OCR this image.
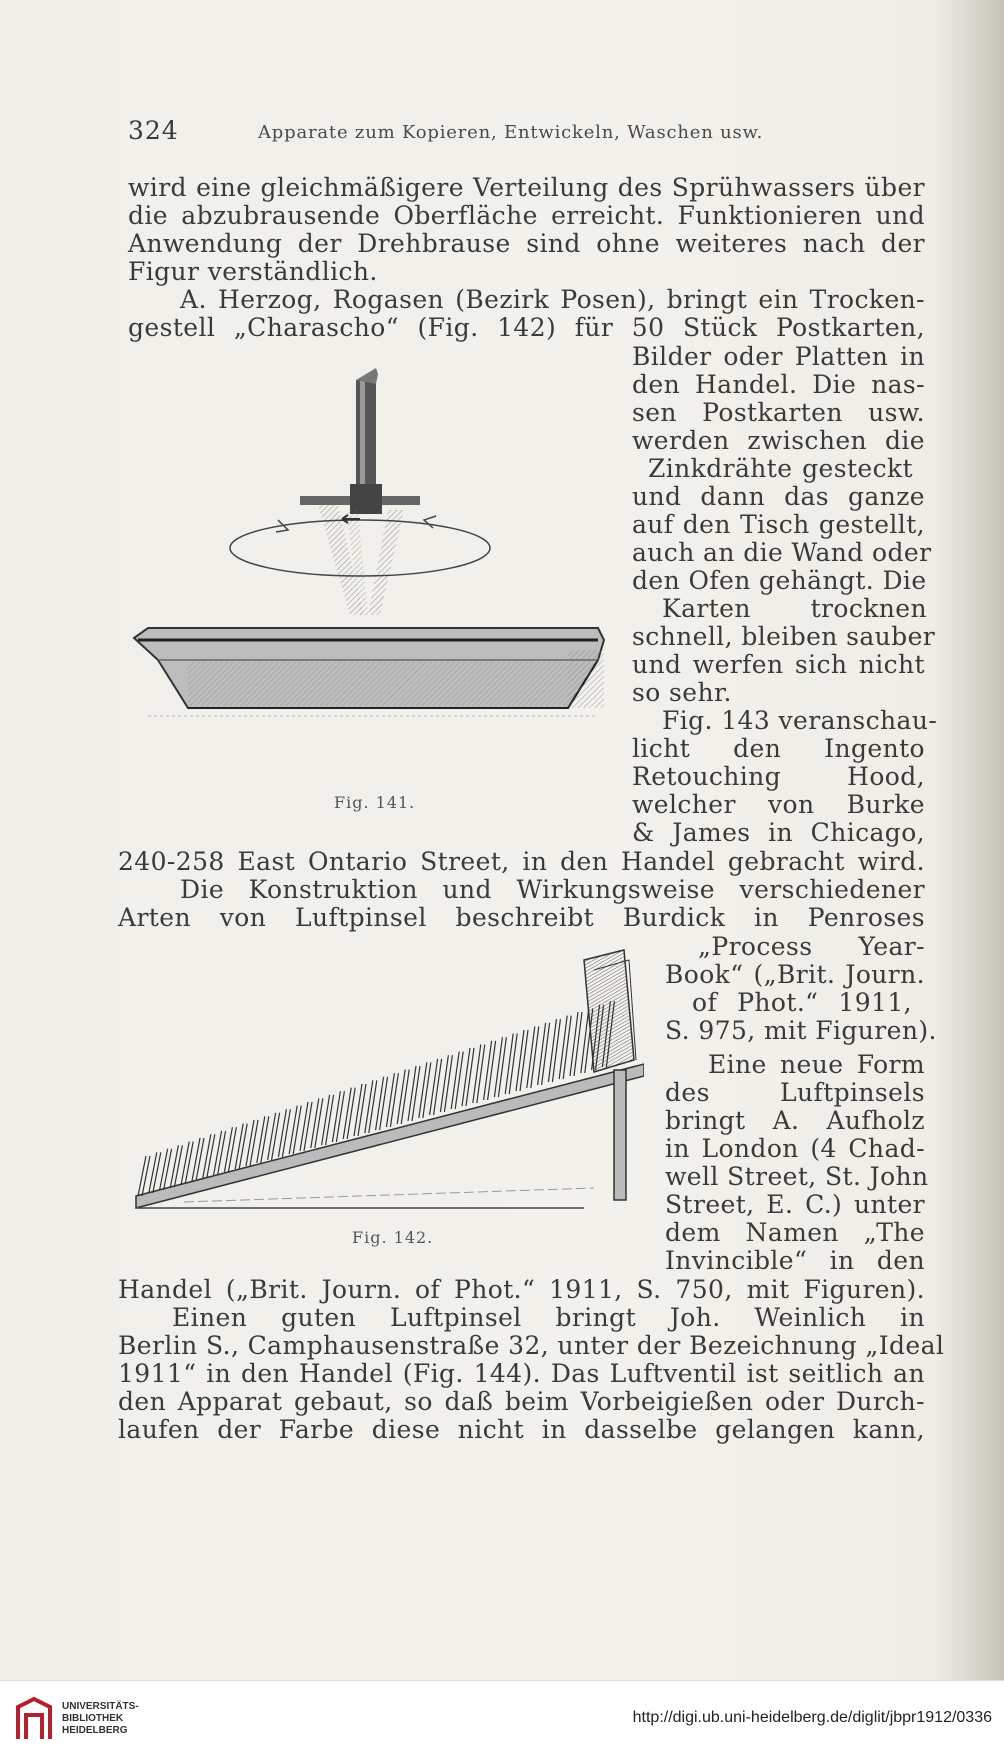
324	Apparate zum Kopieren, Entwickeln, Waschen usw.
wird eine gleichmäßigere Verteilung des Sprühwassers über
die abzubrausende Oberfläche erreicht. Funktionieren und
Anwendung der Drehbrause sind ohne weiteres nach der
Figur verständlich.
A. Herzog, Rogasen (Bezirk Posen), bringt ein Trocken-
gestell „Charascho“ (Fig. 142) für 50 Stück Postkarten,
Bilder oder Platten in
den Handel. Die nas-
sen Postkarten usw.
werden zwischen die
Zinkdrähte gesteckt
und dann das ganze
auf den Tisch gestellt,
auch an die Wand oder
den Ofen gehängt. Die
Karten trocknen
schnell, bleiben sauber
und werfen sich nicht
so sehr.
Fig. 143 veranschau-
licht den Ingento
Retouching Hood,
welcher von Burke
& James in Chicago,
Fig. 141.
240-258 East Ontario Street, in den Handel gebracht wird.
Die Konstruktion und Wirkungsweise verschiedener
Arten von Luftpinsel beschreibt Burdick in Penroses
„Process Year-
Book“ („Brit. Journ.
of Phot.“ 1911,
S. 975, mit Figuren).
Eine neue Form
des Luftpinsels
bringt A. Aufholz
in London (4 Chad-
well Street, St. John
Street, E. C.) unter
dem Namen „The
Invincible“ in den
Fig. 142.
Handel („Brit. Journ. of Phot.“ 1911, S. 750, mit Figuren).
Einen guten Luftpinsel bringt Joh. Weinlich in
Berlin S., Camphausenstraße 32, unter der Bezeichnung „Ideal
1911“ in den Handel (Fig. 144). Das Luftventil ist seitlich an
den Apparat gebaut, so daß beim Vorbeigießen oder Durch-
laufen der Farbe diese nicht in dasselbe gelangen kann,
UNIVERSITÄTS-
BIBLIOTHEK
HEIDELBERG
http://digi.ub.uni-heidelberg.de/diglit/jbpr1912/0336
